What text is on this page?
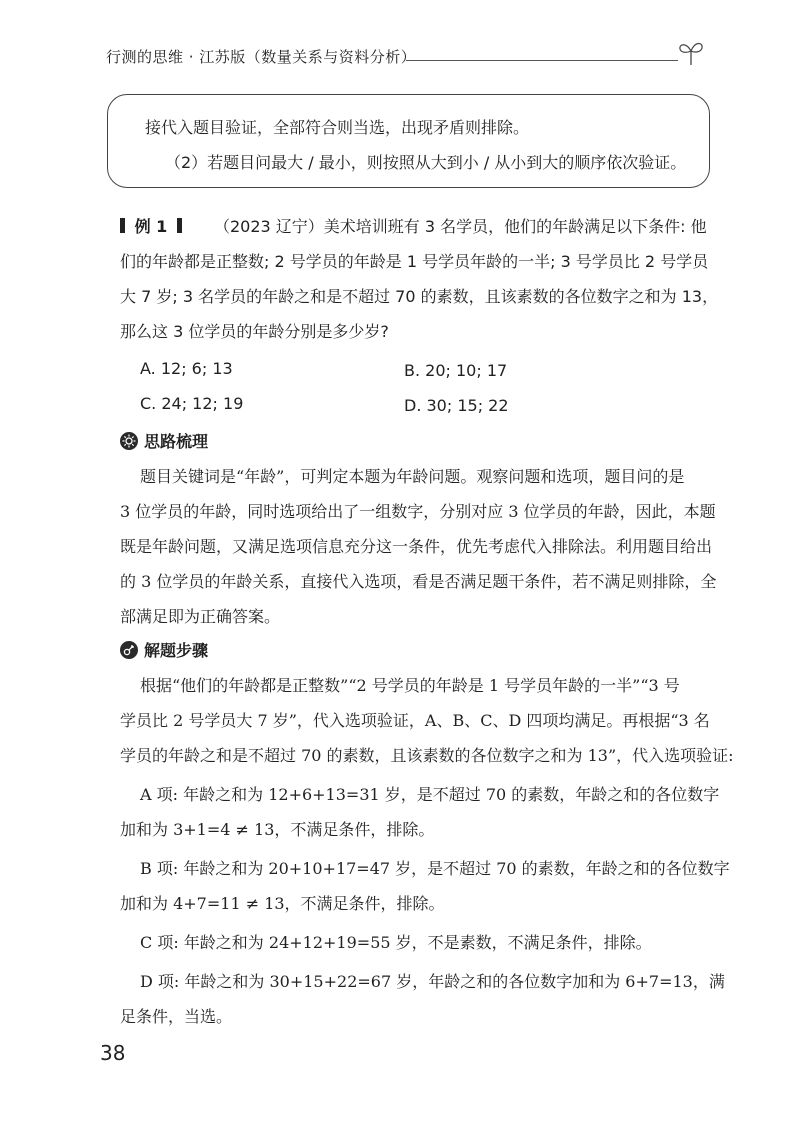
行测的思维 · 江苏版（数量关系与资料分析）
接代入题目验证，全部符合则当选，出现矛盾则排除。
（2）若题目问最大 / 最小，则按照从大到小 / 从小到大的顺序依次验证。
例 1	（2023 辽宁）美术培训班有 3 名学员，他们的年龄满足以下条件: 他
们的年龄都是正整数; 2 号学员的年龄是 1 号学员年龄的一半; 3 号学员比 2 号学员
大 7 岁; 3 名学员的年龄之和是不超过 70 的素数，且该素数的各位数字之和为 13，
那么这 3 位学员的年龄分别是多少岁?
A. 12; 6; 13	B. 20; 10; 17
C. 24; 12; 19	D. 30; 15; 22
思路梳理
题目关键词是“年龄”，可判定本题为年龄问题。观察问题和选项，题目问的是
3 位学员的年龄，同时选项给出了一组数字，分别对应 3 位学员的年龄，因此，本题
既是年龄问题，又满足选项信息充分这一条件，优先考虑代入排除法。利用题目给出
的 3 位学员的年龄关系，直接代入选项，看是否满足题干条件，若不满足则排除，全
部满足即为正确答案。
解题步骤
根据“他们的年龄都是正整数”“2 号学员的年龄是 1 号学员年龄的一半”“3 号
学员比 2 号学员大 7 岁”，代入选项验证，A、B、C、D 四项均满足。再根据“3 名
学员的年龄之和是不超过 70 的素数，且该素数的各位数字之和为 13”，代入选项验证:
A 项: 年龄之和为 12+6+13=31 岁，是不超过 70 的素数，年龄之和的各位数字
加和为 3+1=4 ≠ 13，不满足条件，排除。
B 项: 年龄之和为 20+10+17=47 岁，是不超过 70 的素数，年龄之和的各位数字
加和为 4+7=11 ≠ 13，不满足条件，排除。
C 项: 年龄之和为 24+12+19=55 岁，不是素数，不满足条件，排除。
D 项: 年龄之和为 30+15+22=67 岁，年龄之和的各位数字加和为 6+7=13，满
足条件，当选。
38
